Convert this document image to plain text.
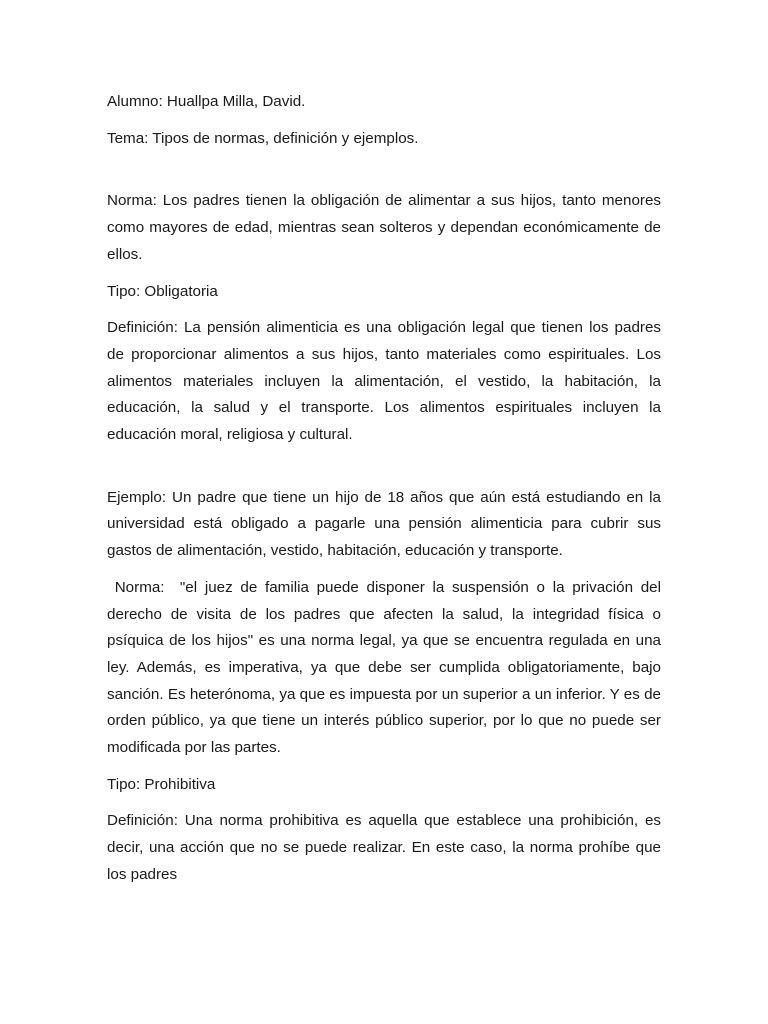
Alumno: Huallpa Milla, David.

Tema: Tipos de normas, definición y ejemplos.

Norma: Los padres tienen la obligación de alimentar a sus hijos, tanto menores como mayores de edad, mientras sean solteros y dependan económicamente de ellos.

Tipo: Obligatoria

Definición: La pensión alimenticia es una obligación legal que tienen los padres de proporcionar alimentos a sus hijos, tanto materiales como espirituales. Los alimentos materiales incluyen la alimentación, el vestido, la habitación, la educación, la salud y el transporte. Los alimentos espirituales incluyen la educación moral, religiosa y cultural.

Ejemplo: Un padre que tiene un hijo de 18 años que aún está estudiando en la universidad está obligado a pagarle una pensión alimenticia para cubrir sus gastos de alimentación, vestido, habitación, educación y transporte.

Norma:  "el juez de familia puede disponer la suspensión o la privación del derecho de visita de los padres que afecten la salud, la integridad física o psíquica de los hijos" es una norma legal, ya que se encuentra regulada en una ley. Además, es imperativa, ya que debe ser cumplida obligatoriamente, bajo sanción. Es heterónoma, ya que es impuesta por un superior a un inferior. Y es de orden público, ya que tiene un interés público superior, por lo que no puede ser modificada por las partes.

Tipo: Prohibitiva

Definición: Una norma prohibitiva es aquella que establece una prohibición, es decir, una acción que no se puede realizar. En este caso, la norma prohíbe que los padres
